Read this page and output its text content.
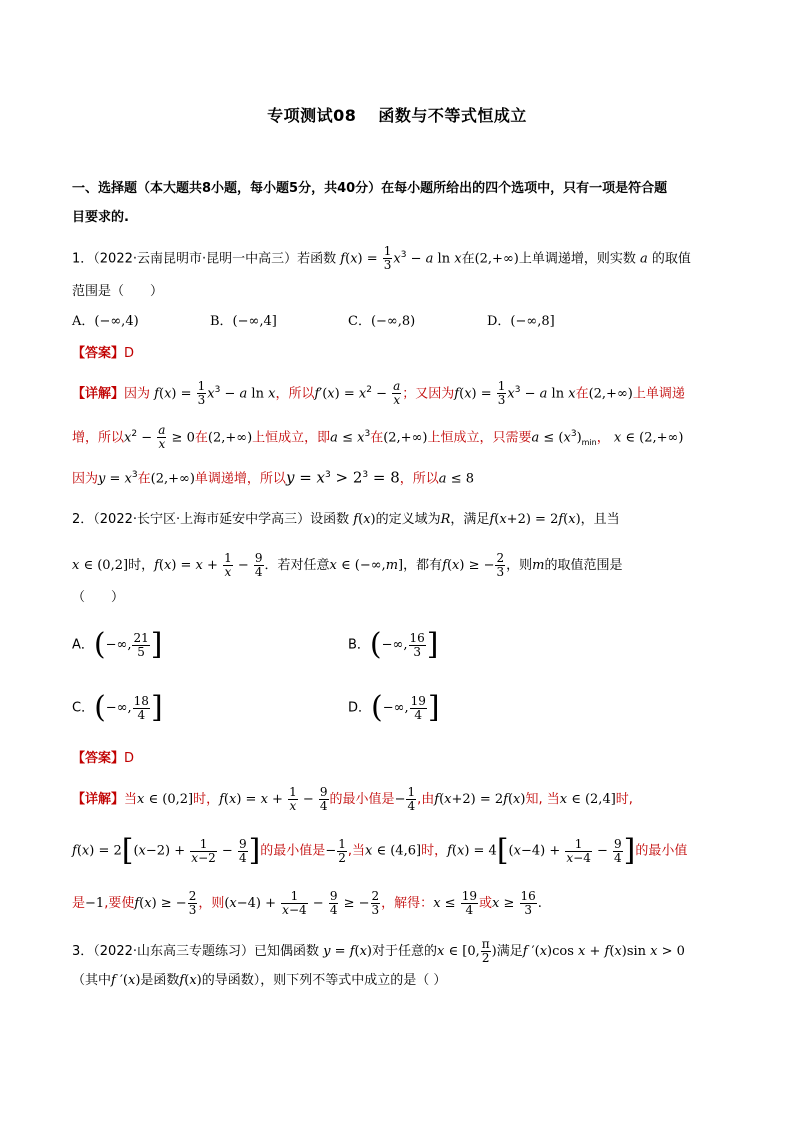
专项测试08 函数与不等式恒成立
一、选择题（本大题共8小题，每小题5分，共40分）在每小题所给出的四个选项中，只有一项是符合题
目要求的.
1．（2022·云南昆明市·昆明一中高三）若函数 $f(x) = \frac{1}{3} x^3 - a$ ln x在(2,+∞)上单调递增，则实数 a 的取值
范围是（　　）
A．(−∞,4)	B．(−∞,4]	C．(−∞,8)	D．(−∞,8]
【答案】D
【详解】因为 $f(x) = \frac{1}{3} x^3 - a$ ln x，所以$f'(x) = x^2 - \frac{a}{x}$ ；又因为$f(x) = \frac{1}{3} x^3 - a$ ln x在(2,+∞)上单调递
增，所以$x^2 - \frac{a}{x} \ge 0$在(2,+∞)上恒成立，即$a \le x^3$在(2,+∞)上恒成立，只需要$a \le (x^3)_{min}$， x ∈ (2,+∞)
因为$y = x^3$在(2,+∞)单调递增，所以$y = x^3 > 2^3 = 8$，所以a ≤ 8
2．（2022·长宁区·上海市延安中学高三）设函数 f(x)的定义域为R，满足f(x+2) = 2f(x)，且当
x ∈ (0,2]时，$f(x) = x + \frac{1}{x} - \frac{9}{4}$ ．若对任意x ∈ (−∞,m]，都有f(x) ≥ − $\frac{2}{3}$ ，则m的取值范围是
（　　）
A．(−∞, $\frac{21}{5}$ ]	B．(−∞, $\frac{16}{3}$ ]
C．(−∞, $\frac{18}{4}$ ]	D．(−∞, $\frac{19}{4}$ ]
【答案】D
【详解】当x ∈ (0,2]时，$f(x) = x + \frac{1}{x} - \frac{9}{4}$ 的最小值是− $\frac{1}{4}$ ,由f(x+2) = 2f(x)知, 当x ∈ (2,4]时,
$f(x) = 2[(x-2) + \frac{1}{x-2} - \frac{9}{4}$ ]的最小值是− $\frac{1}{2}$ ,当x ∈ (4,6]时，$f(x) = 4[(x-4) + \frac{1}{x-4} - \frac{9}{4}$ ]的最小值
是−1,要使f(x) ≥ − $\frac{2}{3}$ ，则$(x-4) + \frac{1}{x-4} - \frac{9}{4}$ ≥ − $\frac{2}{3}$ ，解得：$x \le \frac{19}{4}$ 或$x \ge \frac{16}{3}$ .
3．（2022·山东高三专题练习）已知偶函数 y = f(x)对于任意的x ∈ [0, $\frac{\pi}{2}$ )满足f ′(x)cos x + f(x)sin x > 0
（其中f ′(x)是函数f(x)的导函数），则下列不等式中成立的是（ ）
